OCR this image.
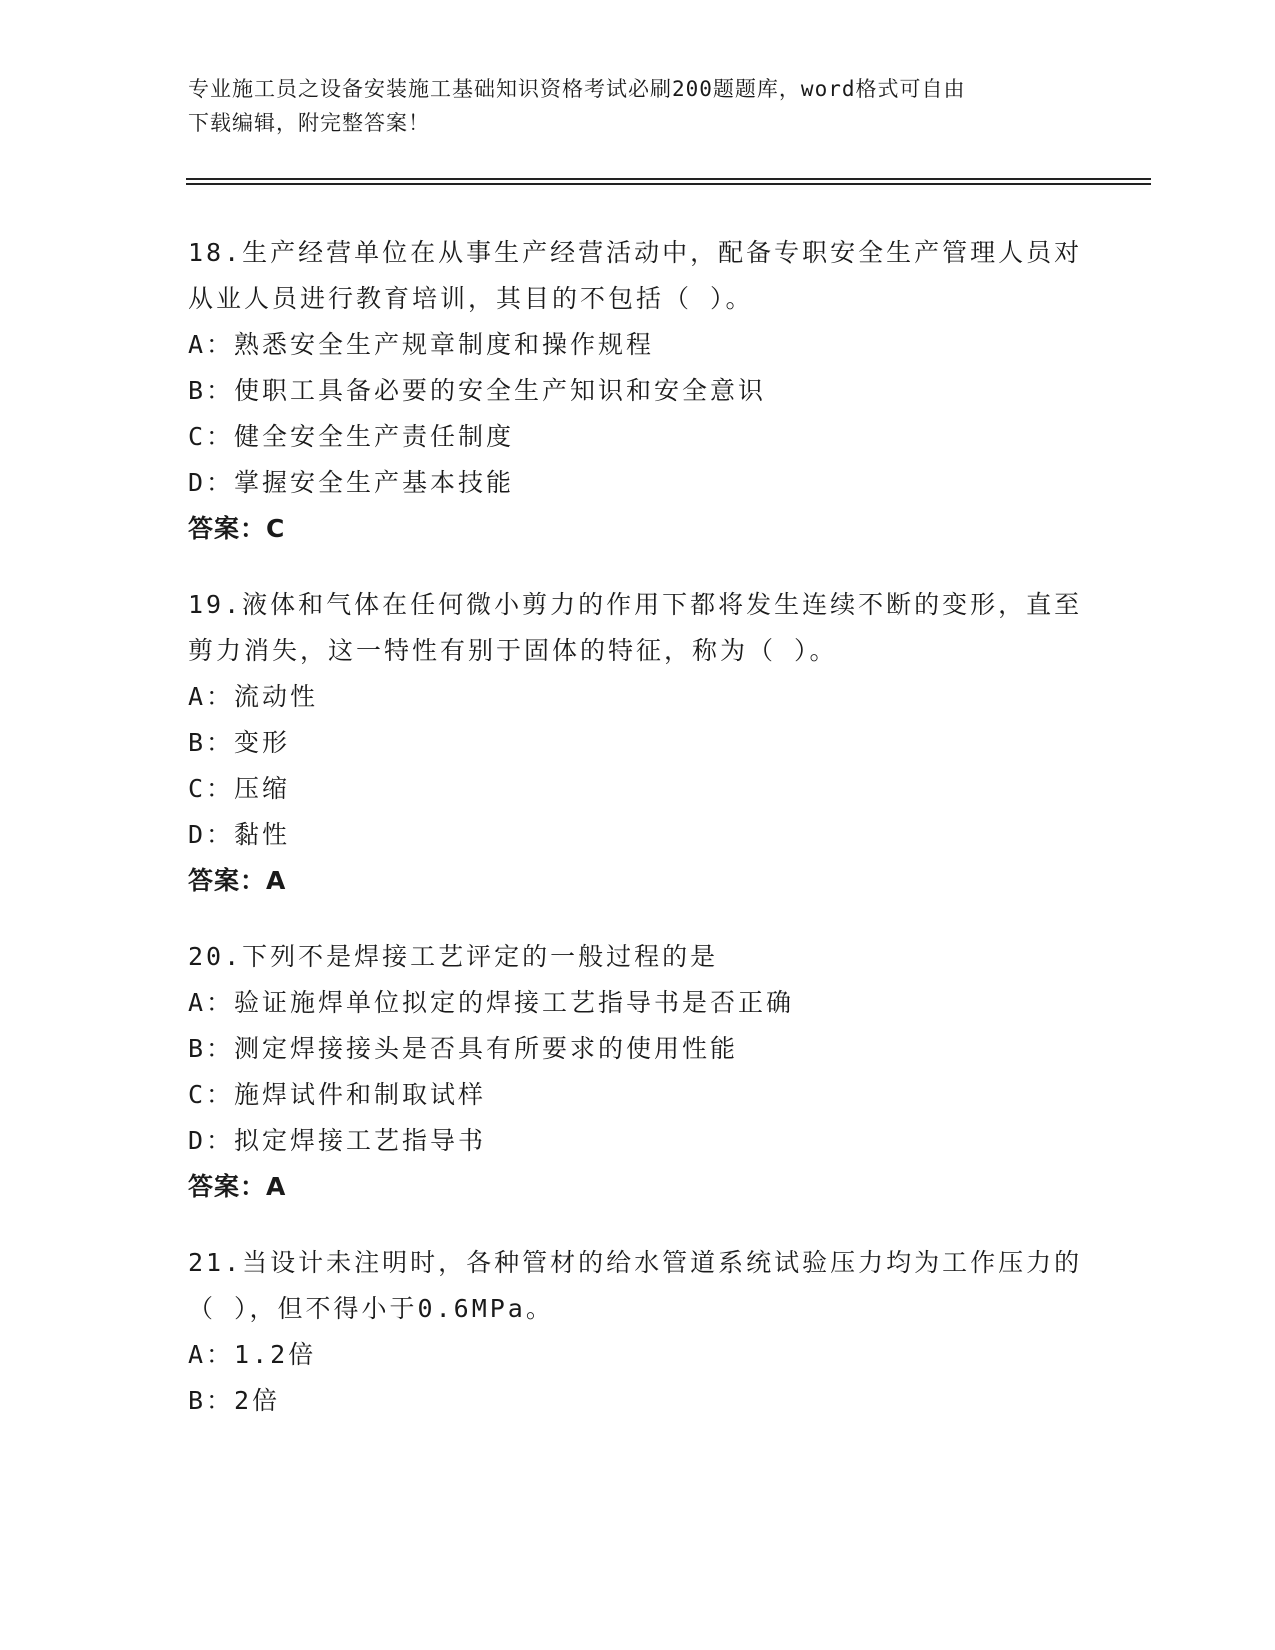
专业施工员之设备安装施工基础知识资格考试必刷200题题库，word格式可自由
下载编辑，附完整答案！

18.生产经营单位在从事生产经营活动中，配备专职安全生产管理人员对从业人员进行教育培训，其目的不包括（ ）。

A：熟悉安全生产规章制度和操作规程

B：使职工具备必要的安全生产知识和安全意识

C：健全安全生产责任制度

D：掌握安全生产基本技能

答案：C

19.液体和气体在任何微小剪力的作用下都将发生连续不断的变形，直至剪力消失，这一特性有别于固体的特征，称为（ ）。

A：流动性

B：变形

C：压缩

D：黏性

答案：A

20.下列不是焊接工艺评定的一般过程的是

A：验证施焊单位拟定的焊接工艺指导书是否正确

B：测定焊接接头是否具有所要求的使用性能

C：施焊试件和制取试样

D：拟定焊接工艺指导书

答案：A

21.当设计未注明时，各种管材的给水管道系统试验压力均为工作压力的（ ），但不得小于0.6MPa。

A：1.2倍

B：2倍
